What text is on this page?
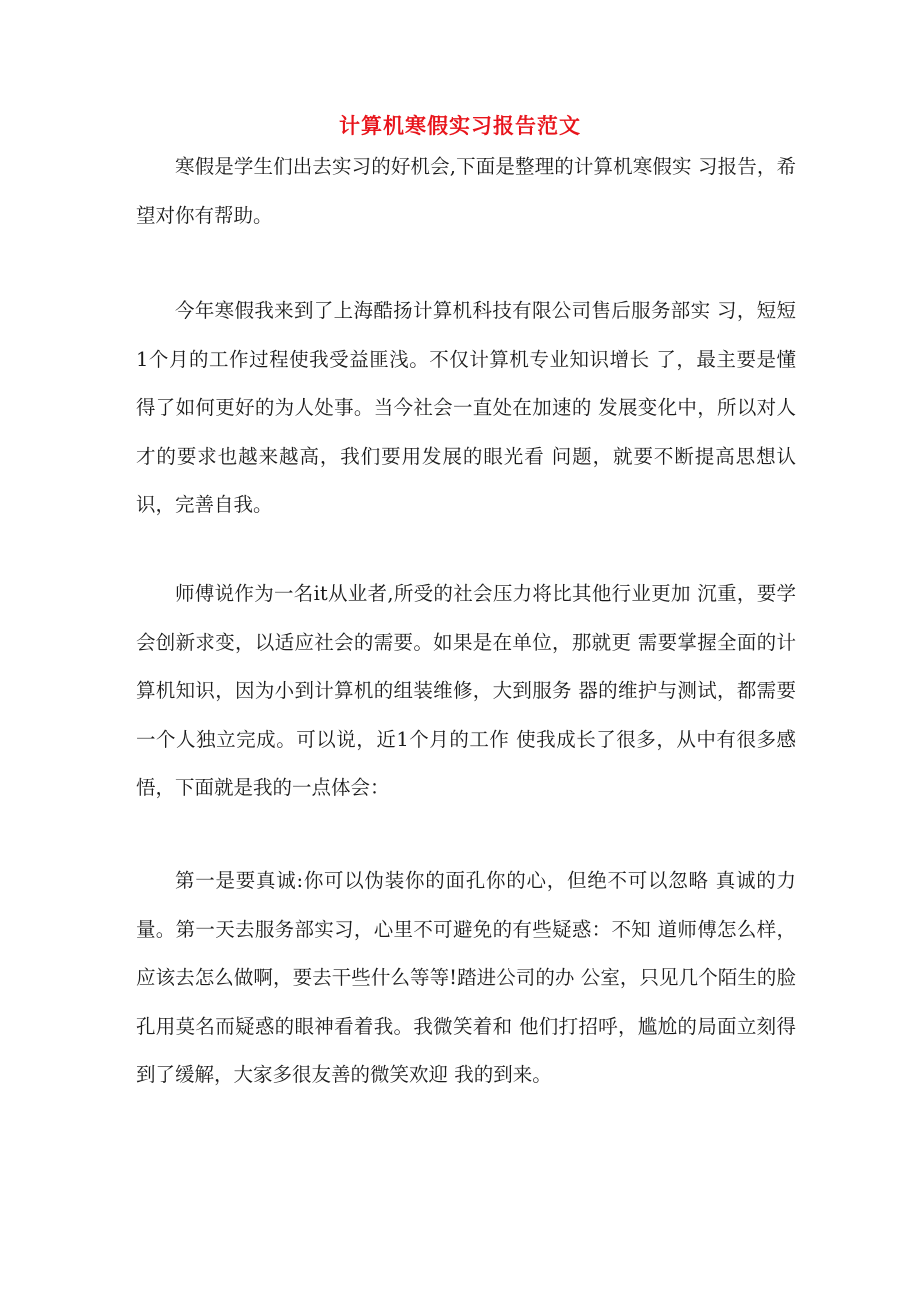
计算机寒假实习报告范文

寒假是学生们出去实习的好机会,下面是整理的计算机寒假实 习报告，希望对你有帮助。

今年寒假我来到了上海酷扬计算机科技有限公司售后服务部实 习，短短1个月的工作过程使我受益匪浅。不仅计算机专业知识增长 了，最主要是懂得了如何更好的为人处事。当今社会一直处在加速的 发展变化中，所以对人才的要求也越来越高，我们要用发展的眼光看 问题，就要不断提高思想认识，完善自我。

师傅说作为一名it从业者,所受的社会压力将比其他行业更加 沉重，要学会创新求变，以适应社会的需要。如果是在单位，那就更 需要掌握全面的计算机知识，因为小到计算机的组装维修，大到服务 器的维护与测试，都需要一个人独立完成。可以说，近1个月的工作 使我成长了很多，从中有很多感悟，下面就是我的一点体会：

第一是要真诚:你可以伪装你的面孔你的心，但绝不可以忽略 真诚的力量。第一天去服务部实习，心里不可避免的有些疑惑：不知 道师傅怎么样，应该去怎么做啊，要去干些什么等等!踏进公司的办 公室，只见几个陌生的脸孔用莫名而疑惑的眼神看着我。我微笑着和 他们打招呼，尴尬的局面立刻得到了缓解，大家多很友善的微笑欢迎 我的到来。
